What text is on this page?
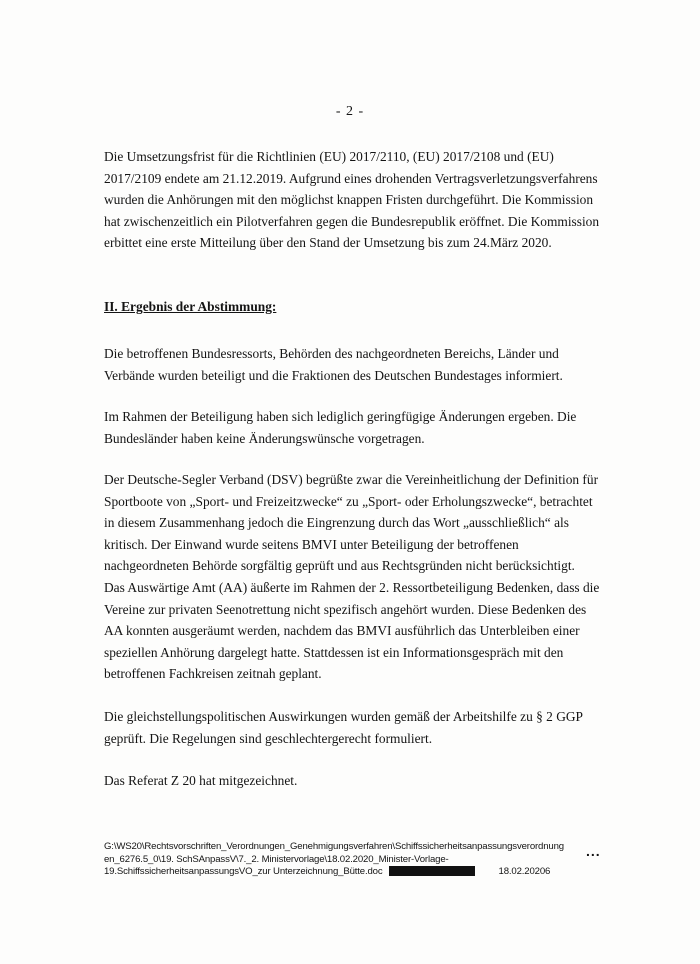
- 2 -

Die Umsetzungsfrist für die Richtlinien (EU) 2017/2110, (EU) 2017/2108 und (EU) 2017/2109 endete am 21.12.2019. Aufgrund eines drohenden Vertragsverletzungsverfahrens wurden die Anhörungen mit den möglichst knappen Fristen durchgeführt. Die Kommission hat zwischenzeitlich ein Pilotverfahren gegen die Bundesrepublik eröffnet. Die Kommission erbittet eine erste Mitteilung über den Stand der Umsetzung bis zum 24.März 2020.

II. Ergebnis der Abstimmung:

Die betroffenen Bundesressorts, Behörden des nachgeordneten Bereichs, Länder und Verbände wurden beteiligt und die Fraktionen des Deutschen Bundestages informiert.

Im Rahmen der Beteiligung haben sich lediglich geringfügige Änderungen ergeben. Die Bundesländer haben keine Änderungswünsche vorgetragen.

Der Deutsche-Segler Verband (DSV) begrüßte zwar die Vereinheitlichung der Definition für Sportboote von „Sport- und Freizeitzwecke“ zu „Sport- oder Erholungszwecke“, betrachtet in diesem Zusammenhang jedoch die Eingrenzung durch das Wort „ausschließlich“ als kritisch. Der Einwand wurde seitens BMVI unter Beteiligung der betroffenen nachgeordneten Behörde sorgfältig geprüft und aus Rechtsgründen nicht berücksichtigt.

Das Auswärtige Amt (AA) äußerte im Rahmen der 2. Ressortbeteiligung Bedenken, dass die Vereine zur privaten Seenotrettung nicht spezifisch angehört wurden. Diese Bedenken des AA konnten ausgeräumt werden, nachdem das BMVI ausführlich das Unterbleiben einer speziellen Anhörung dargelegt hatte. Stattdessen ist ein Informationsgespräch mit den betroffenen Fachkreisen zeitnah geplant.

Die gleichstellungspolitischen Auswirkungen wurden gemäß der Arbeitshilfe zu § 2 GGP geprüft. Die Regelungen sind geschlechtergerecht formuliert.

Das Referat Z 20 hat mitgezeichnet.

G:\WS20\Rechtsvorschriften_Verordnungen_Genehmigungsverfahren\Schiffssicherheitsanpassungsverordnung
en_6276.5_0\19. SchSAnpassV\7._2. Ministervorlage\18.02.2020_Minister-Vorlage-
19.SchiffssicherheitsanpassungsVO_zur Unterzeichnung_Bütte.doc	18.02.20206
...
